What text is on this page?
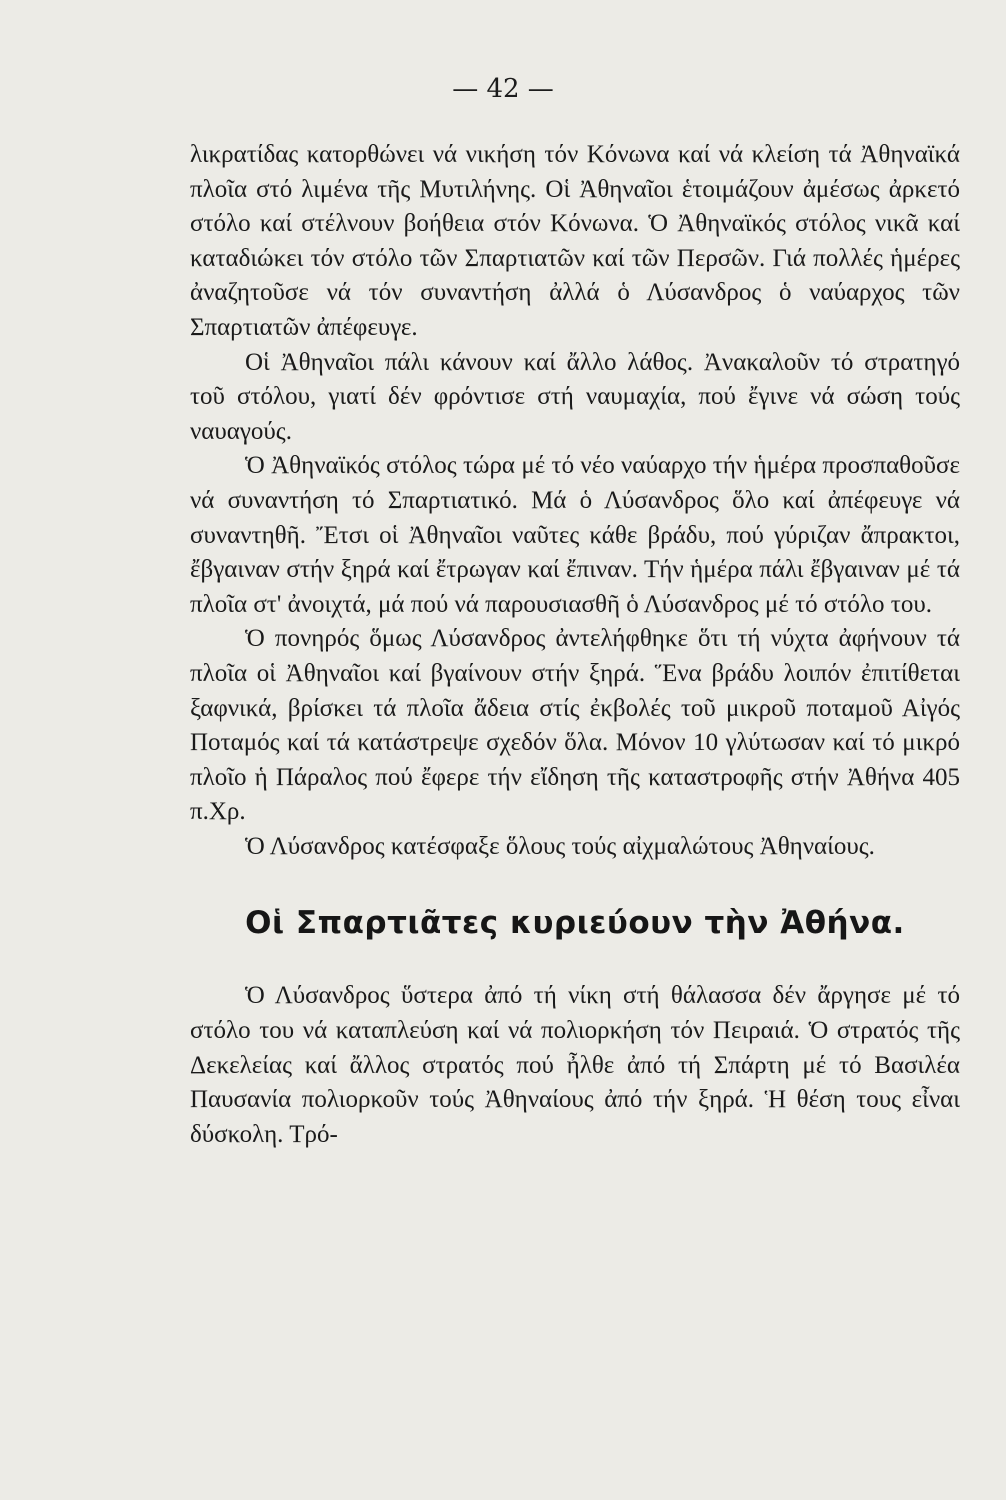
— 42 —

λικρατίδας κατορθώνει νά νικήση τόν Κόνωνα καί νά κλείση τά Ἀθηναϊκά πλοῖα στό λιμένα τῆς Μυτιλήνης. Οἱ Ἀθηναῖοι ἑτοιμάζουν ἀμέσως ἀρκετό στόλο καί στέλνουν βοήθεια στόν Κόνωνα. Ὁ Ἀθηναϊκός στόλος νικᾶ καί καταδιώκει τόν στόλο τῶν Σπαρτιατῶν καί τῶν Περσῶν. Γιά πολλές ἡμέρες ἀναζητοῦσε νά τόν συναντήση ἀλλά ὁ Λύσανδρος ὁ ναύαρχος τῶν Σπαρτιατῶν ἀπέφευγε.

Οἱ Ἀθηναῖοι πάλι κάνουν καί ἄλλο λάθος. Ἀνακαλοῦν τό στρατηγό τοῦ στόλου, γιατί δέν φρόντισε στή ναυμαχία, πού ἔγινε νά σώση τούς ναυαγούς.

Ὁ Ἀθηναϊκός στόλος τώρα μέ τό νέο ναύαρχο τήν ἡμέρα προσπαθοῦσε νά συναντήση τό Σπαρτιατικό. Μά ὁ Λύσανδρος ὅλο καί ἀπέφευγε νά συναντηθῆ. Ἔτσι οἱ Ἀθηναῖοι ναῦτες κάθε βράδυ, πού γύριζαν ἄπρακτοι, ἔβγαιναν στήν ξηρά καί ἔτρωγαν καί ἔπιναν. Τήν ἡμέρα πάλι ἔβγαιναν μέ τά πλοῖα στ' ἀνοιχτά, μά πού νά παρουσιασθῆ ὁ Λύσανδρος μέ τό στόλο του.

Ὁ πονηρός ὅμως Λύσανδρος ἀντελήφθηκε ὅτι τή νύχτα ἀφήνουν τά πλοῖα οἱ Ἀθηναῖοι καί βγαίνουν στήν ξηρά. Ἕνα βράδυ λοιπόν ἐπιτίθεται ξαφνικά, βρίσκει τά πλοῖα ἄδεια στίς ἐκβολές τοῦ μικροῦ ποταμοῦ Αἰγός Ποταμός καί τά κατάστρεψε σχεδόν ὅλα. Μόνον 10 γλύτωσαν καί τό μικρό πλοῖο ἡ Πάραλος πού ἔφερε τήν εἴδηση τῆς καταστροφῆς στήν Ἀθήνα 405 π.Χρ.

Ὁ Λύσανδρος κατέσφαξε ὅλους τούς αἰχμαλώτους Ἀθηναίους.

Οἱ Σπαρτιᾶτες κυριεύουν τὴν Ἀθήνα.

Ὁ Λύσανδρος ὕστερα ἀπό τή νίκη στή θάλασσα δέν ἄργησε μέ τό στόλο του νά καταπλεύση καί νά πολιορκήση τόν Πειραιά. Ὁ στρατός τῆς Δεκελείας καί ἄλλος στρατός πού ἦλθε ἀπό τή Σπάρτη μέ τό Βασιλέα Παυσανία πολιορκοῦν τούς Ἀθηναίους ἀπό τήν ξηρά. Ἡ θέση τους εἶναι δύσκολη. Τρό-
